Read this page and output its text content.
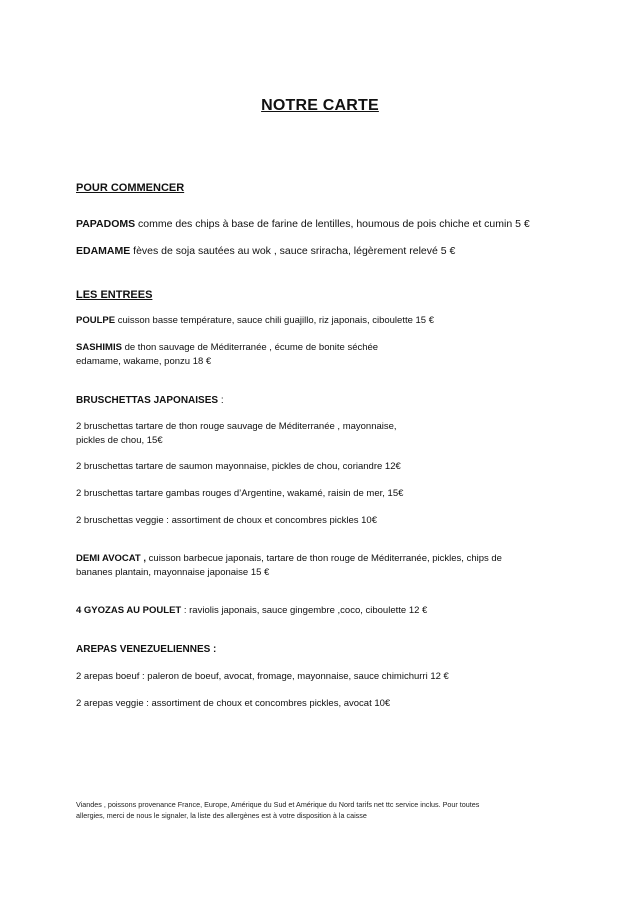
NOTRE CARTE
POUR COMMENCER
PAPADOMS comme des chips à base de farine de lentilles, houmous de pois chiche et cumin 5 €
EDAMAME fèves de soja sautées au wok , sauce sriracha, légèrement relevé 5 €
LES ENTREES
POULPE cuisson basse température, sauce chili guajillo, riz japonais, ciboulette 15 €
SASHIMIS de thon sauvage de Méditerranée , écume de bonite séchée
edamame, wakame, ponzu 18 €
BRUSCHETTAS JAPONAISES :
2 bruschettas tartare de thon rouge sauvage de Méditerranée , mayonnaise,
pickles de chou, 15€
2 bruschettas tartare de saumon mayonnaise, pickles de chou, coriandre 12€
2 bruschettas tartare gambas rouges d’Argentine, wakamé, raisin de mer, 15€
2 bruschettas veggie : assortiment de choux et concombres pickles 10€
DEMI AVOCAT , cuisson barbecue japonais, tartare de thon rouge de Méditerranée, pickles, chips de
bananes plantain, mayonnaise japonaise 15 €
4 GYOZAS AU POULET : raviolis japonais, sauce gingembre ,coco, ciboulette 12 €
AREPAS VENEZUELIENNES :
2 arepas boeuf : paleron de boeuf, avocat, fromage, mayonnaise, sauce chimichurri 12 €
2 arepas veggie : assortiment de choux et concombres pickles, avocat 10€
Viandes , poissons provenance France, Europe, Amérique du Sud et Amérique du Nord tarifs net ttc service inclus. Pour toutes
allergies, merci de nous le signaler, la liste des allergènes est à votre disposition à la caisse
